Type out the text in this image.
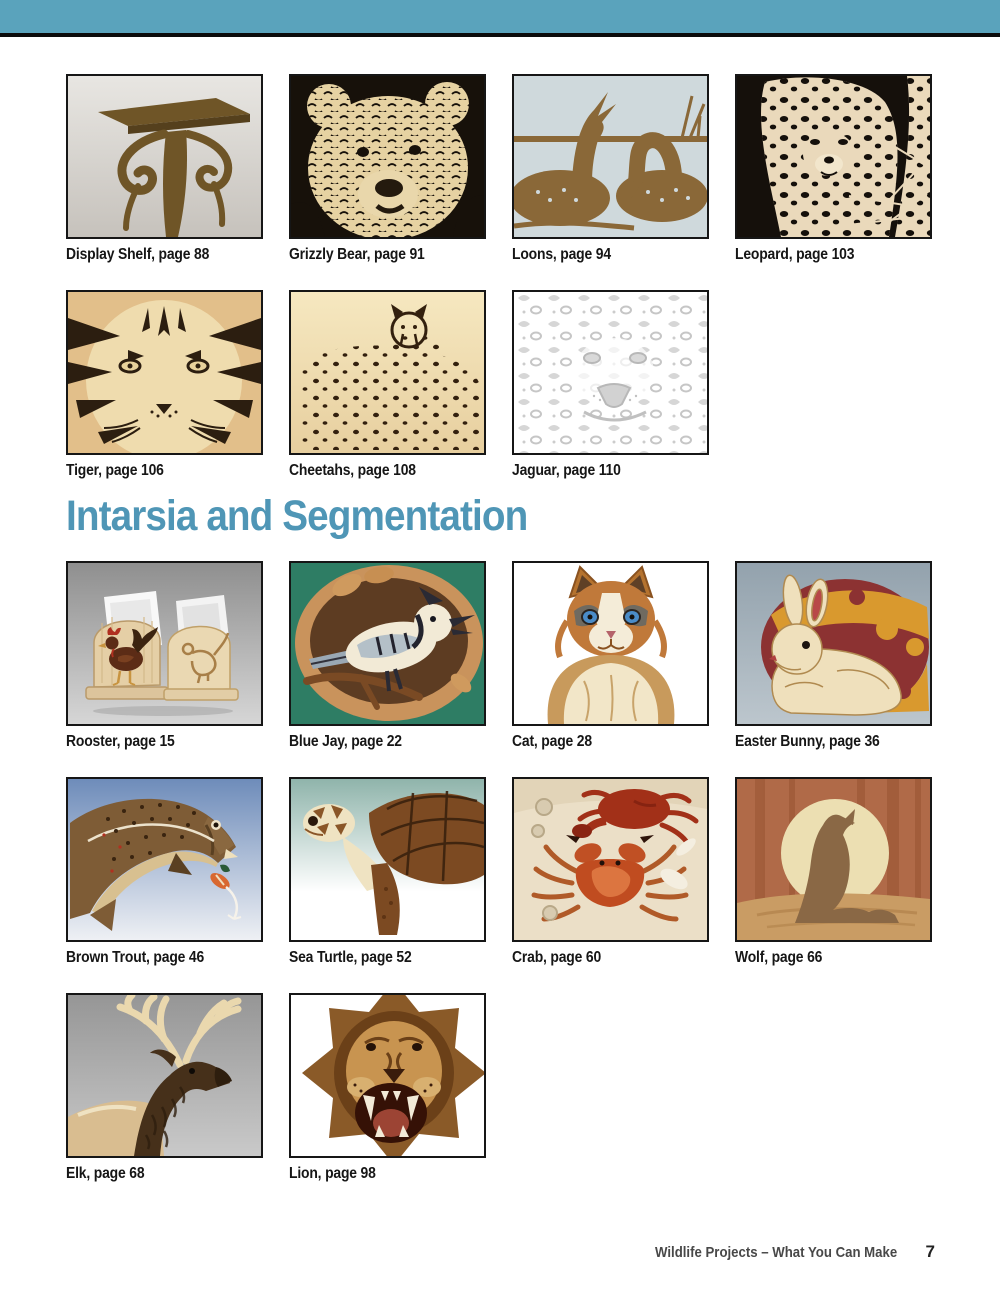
Display Shelf, page 88	Grizzly Bear, page 91	Loons, page 94	Leopard, page 103
Tiger, page 106	Cheetahs, page 108	Jaguar, page 110
Intarsia and Segmentation
Rooster, page 15	Blue Jay, page 22	Cat, page 28	Easter Bunny, page 36
Brown Trout, page 46	Sea Turtle, page 52	Crab, page 60	Wolf, page 66
Elk, page 68	Lion, page 98
Wildlife Projects – What You Can Make 7
